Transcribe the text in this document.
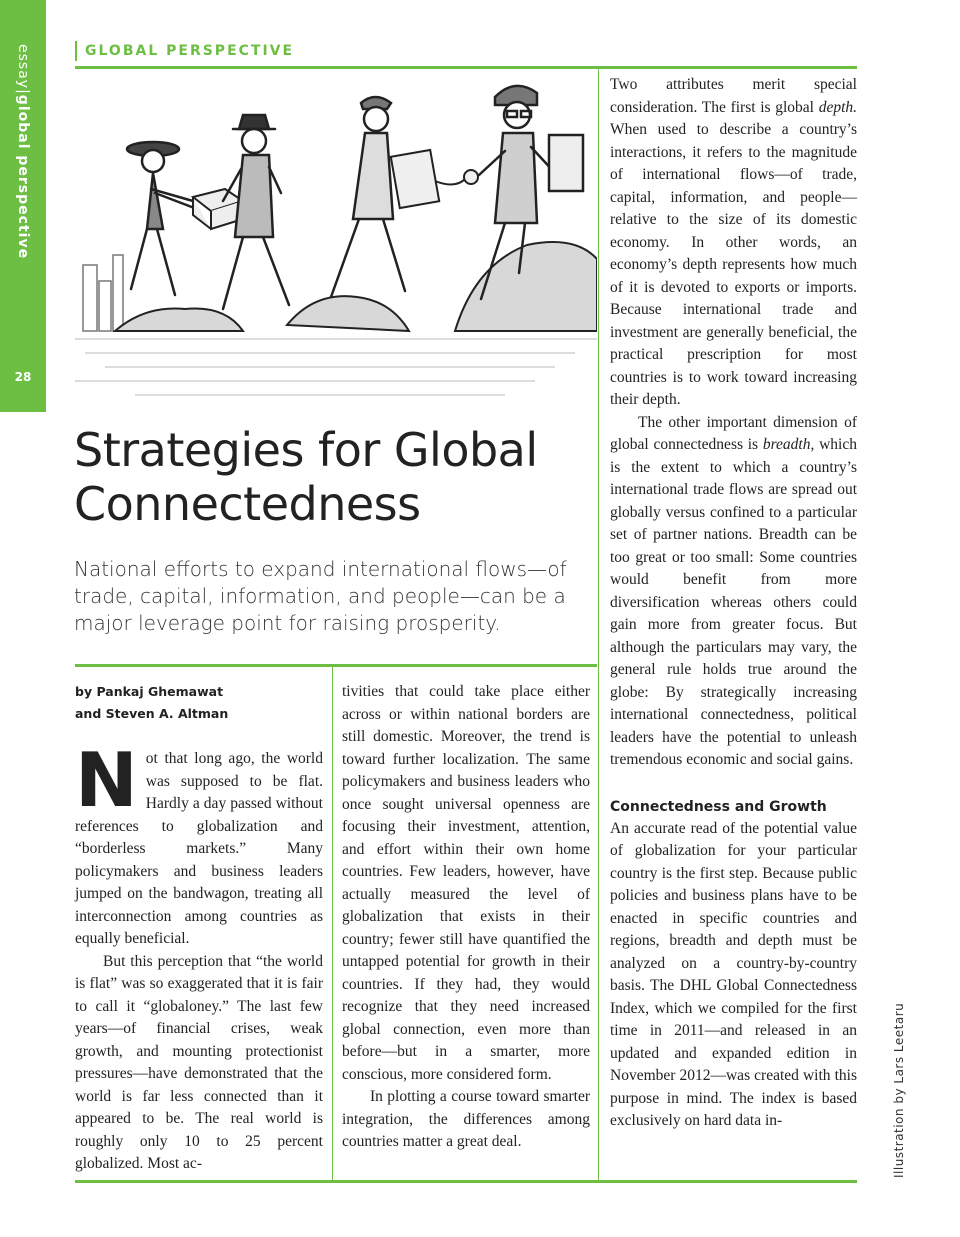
essay|global perspective
28
GLOBAL PERSPECTIVE
Strategies for Global Connectedness
National efforts to expand international flows—of trade, capital, information, and people—can be a major leverage point for raising prosperity.
by Pankaj Ghemawat
and Steven A. Altman

Not that long ago, the world was supposed to be flat. Hardly a day passed without references to globalization and “borderless markets.” Many policymakers and business leaders jumped on the bandwagon, treating all interconnection among countries as equally beneficial.

But this perception that “the world is flat” was so exaggerated that it is fair to call it “globaloney.” The last few years—of financial crises, weak growth, and mounting protectionist pressures—have demonstrated that the world is far less connected than it appeared to be. The real world is roughly only 10 to 25 percent globalized. Most ac-

tivities that could take place either across or within national borders are still domestic. Moreover, the trend is toward further localization. The same policymakers and business leaders who once sought universal openness are focusing their investment, attention, and effort within their own home countries. Few leaders, however, have actually measured the level of globalization that exists in their country; fewer still have quantified the untapped potential for growth in their countries. If they had, they would recognize that they need increased global connection, even more than before—but in a smarter, more conscious, more considered form.

In plotting a course toward smarter integration, the differences among countries matter a great deal.

Two attributes merit special consideration. The first is global depth. When used to describe a country’s interactions, it refers to the magnitude of international flows—of trade, capital, information, and people—relative to the size of its domestic economy. In other words, an economy’s depth represents how much of it is devoted to exports or imports. Because international trade and investment are generally beneficial, the practical prescription for most countries is to work toward increasing their depth.

The other important dimension of global connectedness is breadth, which is the extent to which a country’s international trade flows are spread out globally versus confined to a particular set of partner nations. Breadth can be too great or too small: Some countries would benefit from more diversification whereas others could gain more from greater focus. But although the particulars may vary, the general rule holds true around the globe: By strategically increasing international connectedness, political leaders have the potential to unleash tremendous economic and social gains.

Connectedness and Growth

An accurate read of the potential value of globalization for your particular country is the first step. Because public policies and business plans have to be enacted in specific countries and regions, breadth and depth must be analyzed on a country-by-country basis. The DHL Global Connectedness Index, which we compiled for the first time in 2011—and released in an updated and expanded edition in November 2012—was created with this purpose in mind. The index is based exclusively on hard data in-	Illustration by Lars Leetaru
